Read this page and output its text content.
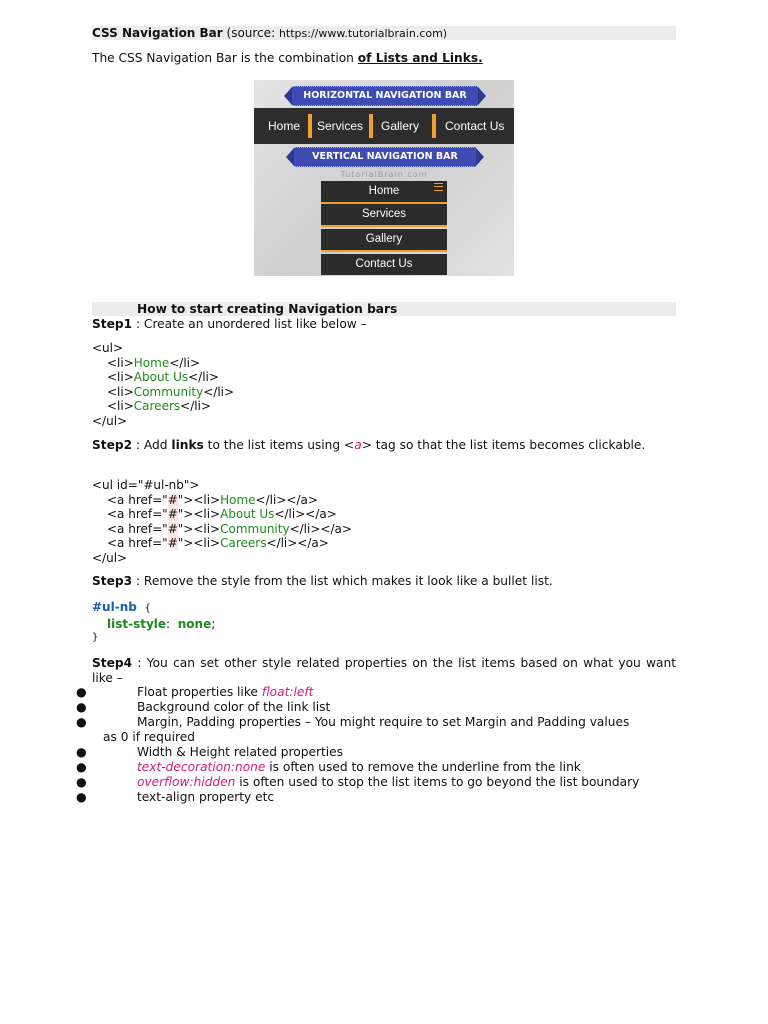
CSS Navigation Bar (source: https://www.tutorialbrain.com)
The CSS Navigation Bar is the combination of Lists and Links.
HORIZONTAL NAVIGATION BAR
Home Services Gallery Contact Us
VERTICAL NAVIGATION BAR
TutorialBrain.com
Home
Services
Gallery
Contact Us
How to start creating Navigation bars
Step1 : Create an unordered list like below –
<ul>
<li>Home</li>
<li>About Us</li>
<li>Community</li>
<li>Careers</li>
</ul>
Step2 : Add links to the list items using <a> tag so that the list items becomes clickable.
<ul id="#ul-nb">
<a href="#"><li>Home</li></a>
<a href="#"><li>About Us</li></a>
<a href="#"><li>Community</li></a>
<a href="#"><li>Careers</li></a>
</ul>
Step3 : Remove the style from the list which makes it look like a bullet list.
#ul-nb {
list-style: none;
}
Step4 : You can set other style related properties on the list items based on what you want like –
●	Float properties like float:left
●	Background color of the link list
●	Margin, Padding properties – You might require to set Margin and Padding values
as 0 if required
●	Width & Height related properties
●	text-decoration:none is often used to remove the underline from the link
●	overflow:hidden is often used to stop the list items to go beyond the list boundary
●	text-align property etc
